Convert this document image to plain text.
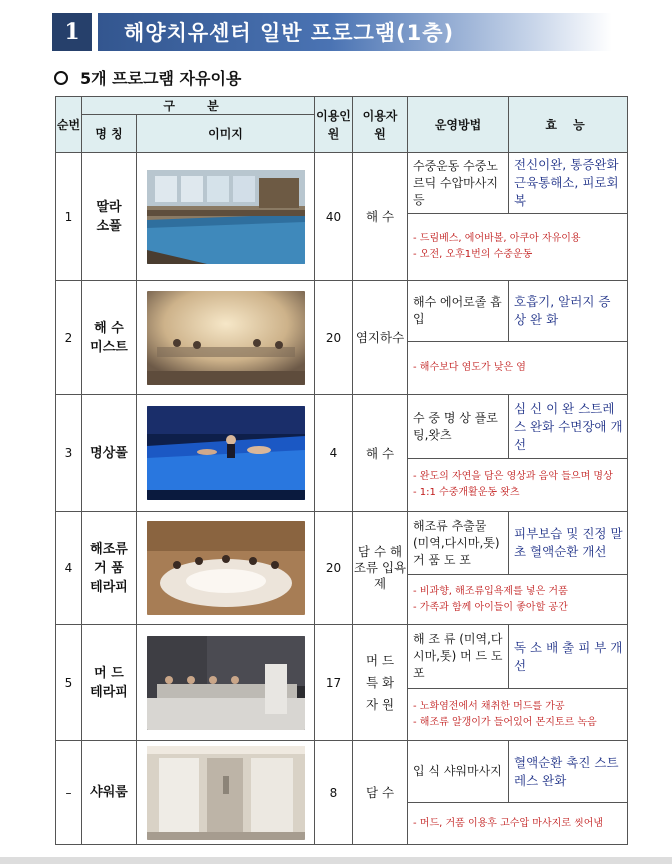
1	해양치유센터 일반 프로그램(1층)
5개 프로그램 자유이용
순번	구 분		이용인원	이용자원	운영방법	효 능
	명 칭	이미지				
1	딸라
소풀		40	해 수	수중운동 수중노르딕 수압마사지 등	전신이완, 통증완화 근육통해소, 피로회복

					- 드림베스, 에어바볼, 아쿠아 자유이용
- 오전, 오후1번의 수중운동	

2	해 수
미스트		20	염지하수	해수 에어로졸 흡 입	호흡기, 알러지 증 상 완 화

					- 해수보다 염도가 낮은 염	

3	명상풀		4	해 수	수 중 명 상 플로팅,왓츠	심 신 이 완 스트레스 완화 수면장애 개선

					- 완도의 자연을 담은 영상과 음악 들으며 명상
- 1:1 수중개활운동 왓츠	

4	해조류
거 품
테라피		20	담 수 해조류 입욕제	해조류 추출물 (미역,다시마,톳) 거 품 도 포	피부보습 및 진정 말초 혈액순환 개선

					- 비과향, 해조류입욕제를 넣은 거품
- 가족과 함께 아이들이 좋아할 공간	

5	머 드
테라피		17	머 드 특 화 자 원	해 조 류 (미역,다시마,톳) 머 드 도 포	독 소 배 출 피 부 개 선

					- 노화염전에서 채취한 머드를 가공
- 해조류 알갱이가 들어있어 몬지토르 녹음	

–	샤워룸		8	담 수	입 식 샤워마사지	혈액순환 촉진 스트레스 완화

					- 머드, 거품 이용후 고수압 마사지로 씻어냄	
